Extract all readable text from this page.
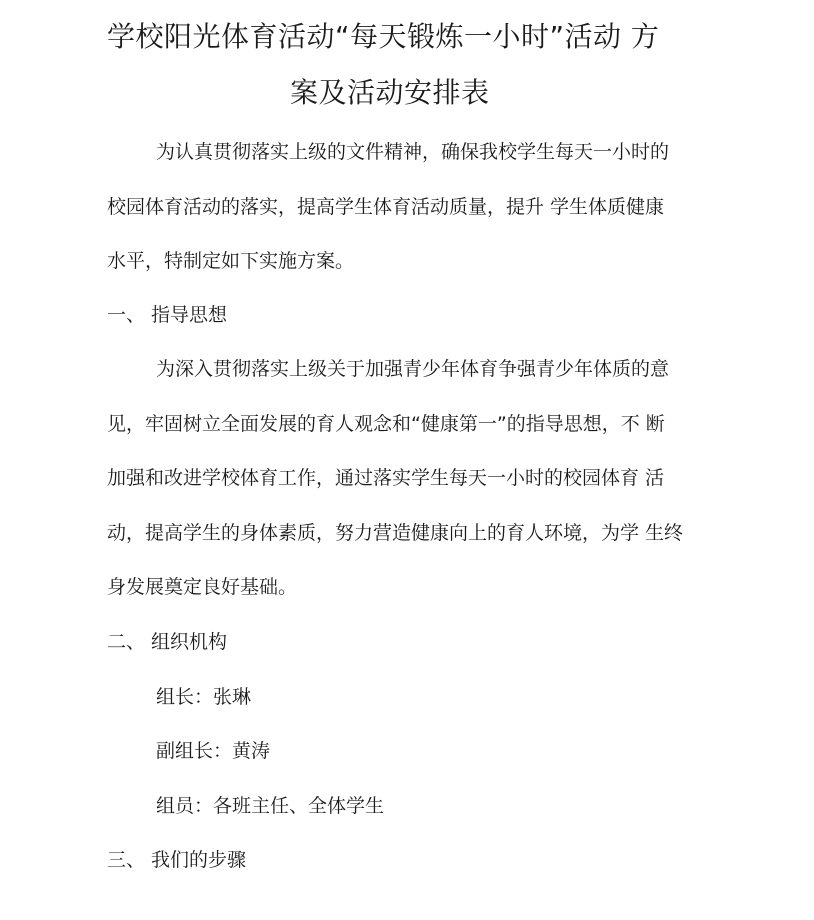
学校阳光体育活动“每天锻炼一小时”活动 方
案及活动安排表
为认真贯彻落实上级的文件精神，确保我校学生每天一小时的
校园体育活动的落实，提高学生体育活动质量，提升 学生体质健康
水平，特制定如下实施方案。
一、 指导思想
为深入贯彻落实上级关于加强青少年体育争强青少年体质的意
见，牢固树立全面发展的育人观念和“健康第一”的指导思想，不 断
加强和改进学校体育工作，通过落实学生每天一小时的校园体育 活
动，提高学生的身体素质，努力营造健康向上的育人环境，为学 生终
身发展奠定良好基础。
二、 组织机构
组长：张琳
副组长：黄涛
组员：各班主任、全体学生
三、 我们的步骤
